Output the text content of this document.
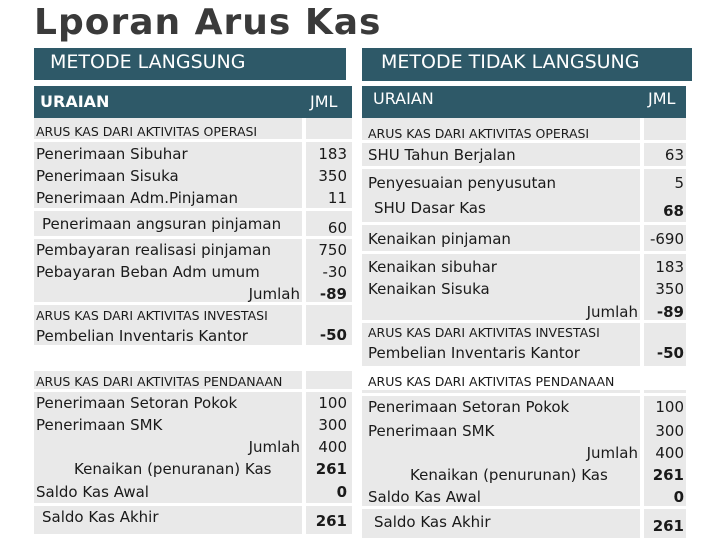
Lporan Arus Kas
METODE LANGSUNG	METODE TIDAK LANGSUNG
URAIAN	JML
ARUS KAS DARI AKTIVITAS OPERASI
Penerimaan Sibuhar	183
Penerimaan Sisuka	350
Penerimaan Adm.Pinjaman	11
Penerimaan angsuran pinjaman	60
Pembayaran realisasi pinjaman	750
Pebayaran Beban Adm umum	-30
Jumlah -89
ARUS KAS DARI AKTIVITAS INVESTASI
Pembelian Inventaris Kantor	-50
ARUS KAS DARI AKTIVITAS PENDANAAN
Penerimaan Setoran Pokok	100
Penerimaan SMK	300
Jumlah 400
Kenaikan (penuranan) Kas	261
Saldo Kas Awal	0
Saldo Kas Akhir	261
URAIAN	JML
ARUS KAS DARI AKTIVITAS OPERASI
SHU Tahun Berjalan	63
Penyesuaian penyusutan	5
SHU Dasar Kas	68
Kenaikan pinjaman	-690
Kenaikan sibuhar	183
Kenaikan Sisuka	350
Jumlah -89
ARUS KAS DARI AKTIVITAS INVESTASI
Pembelian Inventaris Kantor	-50
ARUS KAS DARI AKTIVITAS PENDANAAN
Penerimaan Setoran Pokok	100
Penerimaan SMK	300
Jumlah 400
Kenaikan (penurunan) Kas	261
Saldo Kas Awal	0
Saldo Kas Akhir	261
